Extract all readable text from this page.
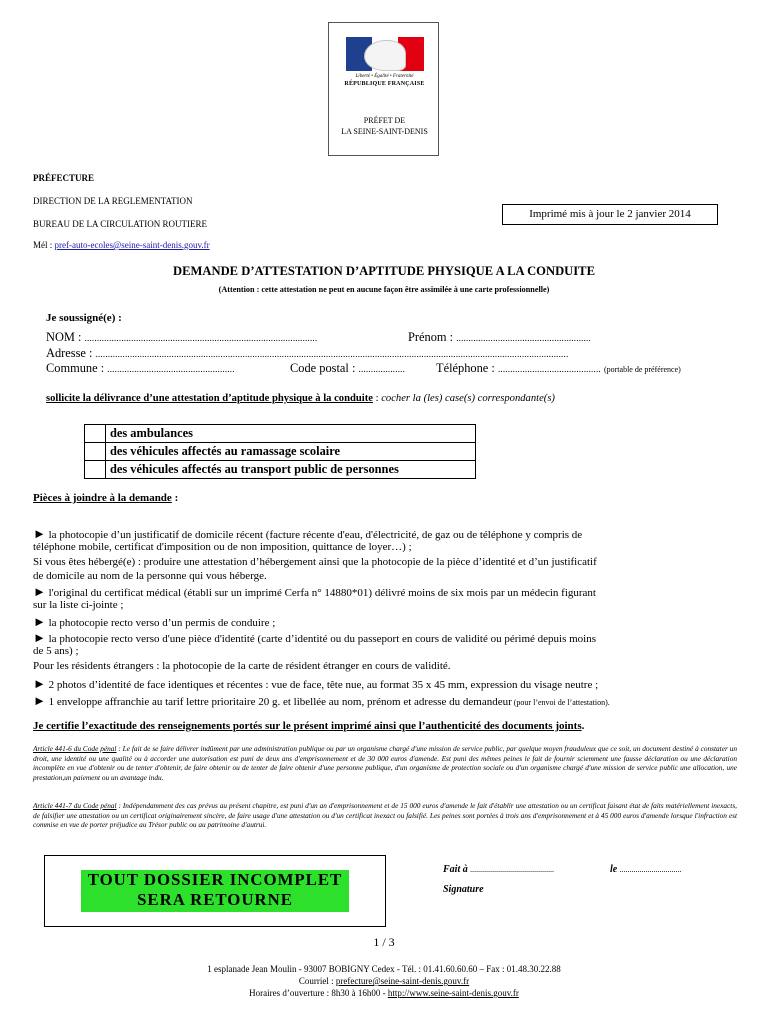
Liberté • Égalité • Fraternité
RÉPUBLIQUE FRANÇAISE
PRÉFET DE
LA SEINE-SAINT-DENIS
PRÉFECTURE
DIRECTION DE LA REGLEMENTATION
BUREAU DE LA CIRCULATION ROUTIERE
Mél : pref-auto-ecoles@seine-saint-denis.gouv.fr
Imprimé mis à jour le 2 janvier 2014
DEMANDE D’ATTESTATION D’APTITUDE PHYSIQUE A LA CONDUITE
(Attention : cette attestation ne peut en aucune façon être assimilée à une carte professionnelle)
Je soussigné(e) :
NOM : ...............................................................................................	Prénom : .......................................................
Adresse : .................................................................................................................................................................................................
Commune : ....................................................	Code postal : ................... Téléphone : .......................................... (portable de préférence)
sollicite la délivrance d’une attestation d’aptitude physique à la conduite : cocher la (les) case(s) correspondante(s)
	des ambulances
	des véhicules affectés au ramassage scolaire
	des véhicules affectés au transport public de personnes
Pièces à joindre à la demande :
► la photocopie d’un justificatif de domicile récent (facture récente d'eau, d'électricité, de gaz ou de téléphone y compris de
téléphone mobile, certificat d'imposition ou de non imposition, quittance de loyer…) ;
Si vous êtes hébergé(e) : produire une attestation d’hébergement ainsi que la photocopie de la pièce d’identité et d’un justificatif
de domicile au nom de la personne qui vous héberge.
► l'original du certificat médical (établi sur un imprimé Cerfa n° 14880*01) délivré moins de six mois par un médecin figurant
sur la liste ci-jointe ;
► la photocopie recto verso d’un permis de conduire ;
► la photocopie recto verso d'une pièce d'identité (carte d’identité ou du passeport en cours de validité ou périmé depuis moins
de 5 ans) ;
Pour les résidents étrangers : la photocopie de la carte de résident étranger en cours de validité.
► 2 photos d’identité de face identiques et récentes : vue de face, tête nue, au format 35 x 45 mm, expression du visage neutre ;
► 1 enveloppe affranchie au tarif lettre prioritaire 20 g. et libellée au nom, prénom et adresse du demandeur (pour l’envoi de l’attestation).
Je certifie l’exactitude des renseignements portés sur le présent imprimé ainsi que l’authenticité des documents joints.
Article 441-6 du Code pénal : Le fait de se faire délivrer indûment par une administration publique ou par un organisme chargé d'une mission de service public, par quelque moyen frauduleux que ce soit, un document destiné à constater un droit, une identité ou une qualité ou à accorder une autorisation est puni de deux ans d'emprisonnement et de 30 000 euros d'amende. Est puni des mêmes peines le fait de fournir sciemment une fausse déclaration ou une déclaration incomplète en vue d'obtenir ou de tenter d'obtenir, de faire obtenir ou de tenter de faire obtenir d'une personne publique, d'un organisme de protection sociale ou d'un organisme chargé d'une mission de service public une allocation, une prestation,un paiement ou un avantage indu.
Article 441-7 du Code pénal : Indépendamment des cas prévus au présent chapitre, est puni d'un an d'emprisonnement et de 15 000 euros d'amende le fait d'établir une attestation ou un certificat faisant état de faits matériellement inexacts, de falsifier une attestation ou un certificat originairement sincère, de faire usage d'une attestation ou d'un certificat inexact ou falsifié. Les peines sont portées à trois ans d'emprisonnement et à 45 000 euros d'amende lorsque l'infraction est commise en vue de porter préjudice au Trésor public ou au patrimoine d'autrui.
TOUT DOSSIER INCOMPLET
SERA RETOURNE
Fait à ..........................................	le ...............................
Signature
1 / 3
1 esplanade Jean Moulin - 93007 BOBIGNY Cedex - Tél. : 01.41.60.60.60 – Fax : 01.48.30.22.88
Courriel : prefecture@seine-saint-denis.gouv.fr
Horaires d’ouverture : 8h30 à 16h00 - http://www.seine-saint-denis.gouv.fr
